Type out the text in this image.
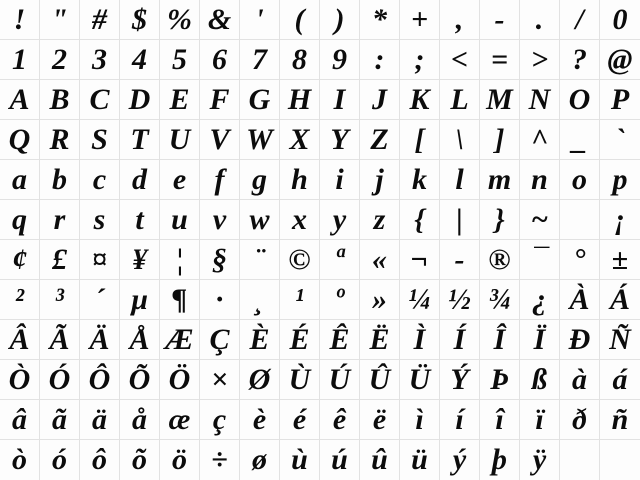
! " # $ % & '	(	) * + ,	-	.	/ 0
1 2 3 4 5 6 7 8 9 :	; < = > ? @
A B C D E F G H I J K L M N O P
Q R S T U V W X Y Z [	\	] ^ _ `
a b c d e f g h i	j k l m n o p
q r s t u v w x y z {	|	} ~	¡
¢ £ ¤ ¥ ¦ § ¨ © ª « ¬ - ® ¯ ° ±
²	³	´ µ ¶ ·	¸	¹	º » ¼ ½ ¾ ¿ À Á
Â Ã Ä Å Æ Ç È É Ê Ë Ì Í Î Ï Ð Ñ
Ò Ó Ô Õ Ö × Ø Ù Ú Û Ü Ý Þ ß à á
â ã ä å æ ç è é ê ë ì	í	î	ï ð ñ
ò ó ô õ ö ÷ ø ù ú û ü ý þ ÿ
